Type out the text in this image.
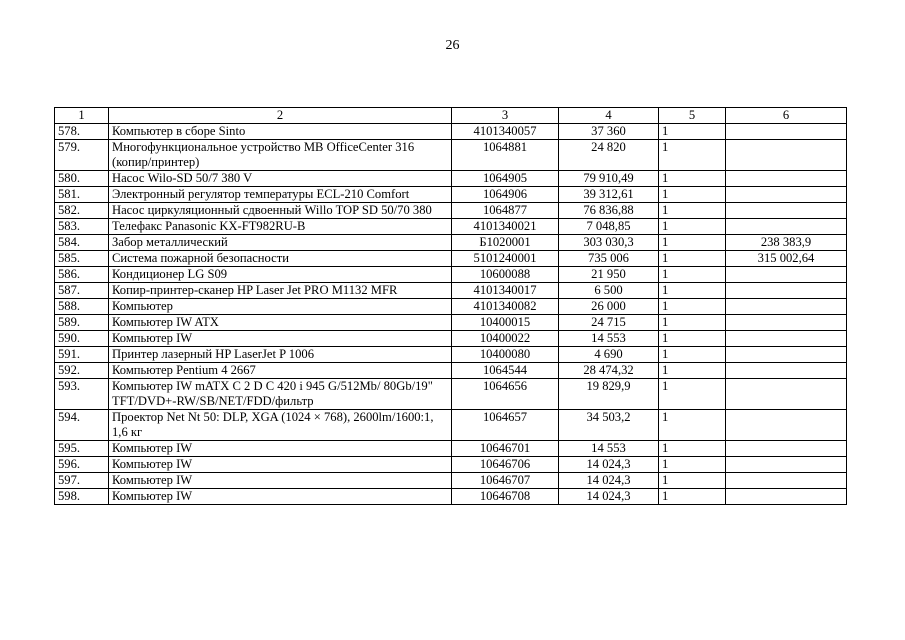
26
1	2	3	4	5	6
578.	Компьютер в сборе Sinto	4101340057	37 360	1	
579.	Многофункциональное устройство MB OfficeCenter 316 (копир/принтер)	1064881	24 820	1	
580.	Насос Wilo-SD 50/7 380 V	1064905	79 910,49	1	
581.	Электронный регулятор температуры ECL-210 Comfort	1064906	39 312,61	1	
582.	Насос циркуляционный сдвоенный Willo TOP SD 50/70 380	1064877	76 836,88	1	
583.	Телефакс Panasonic KX-FT982RU-B	4101340021	7 048,85	1	
584.	Забор металлический	Б1020001	303 030,3	1	238 383,9
585.	Система пожарной безопасности	5101240001	735 006	1	315 002,64
586.	Кондиционер LG S09	10600088	21 950	1	
587.	Копир-принтер-сканер HP Laser Jet PRO M1132 MFR	4101340017	6 500	1	
588.	Компьютер	4101340082	26 000	1	
589.	Компьютер IW ATX	10400015	24 715	1	
590.	Компьютер IW	10400022	14 553	1	
591.	Принтер лазерный HP LaserJet P 1006	10400080	4 690	1	
592.	Компьютер Pentium 4 2667	1064544	28 474,32	1	
593.	Компьютер IW mATX C 2 D C 420 i 945 G/512Mb/ 80Gb/19" TFT/DVD+-RW/SB/NET/FDD/фильтр	1064656	19 829,9	1	
594.	Проектор Net Nt 50: DLP, XGA (1024 × 768), 2600lm/1600:1, 1,6 кг	1064657	34 503,2	1	
595.	Компьютер IW	10646701	14 553	1	
596.	Компьютер IW	10646706	14 024,3	1	
597.	Компьютер IW	10646707	14 024,3	1	
598.	Компьютер IW	10646708	14 024,3	1	
